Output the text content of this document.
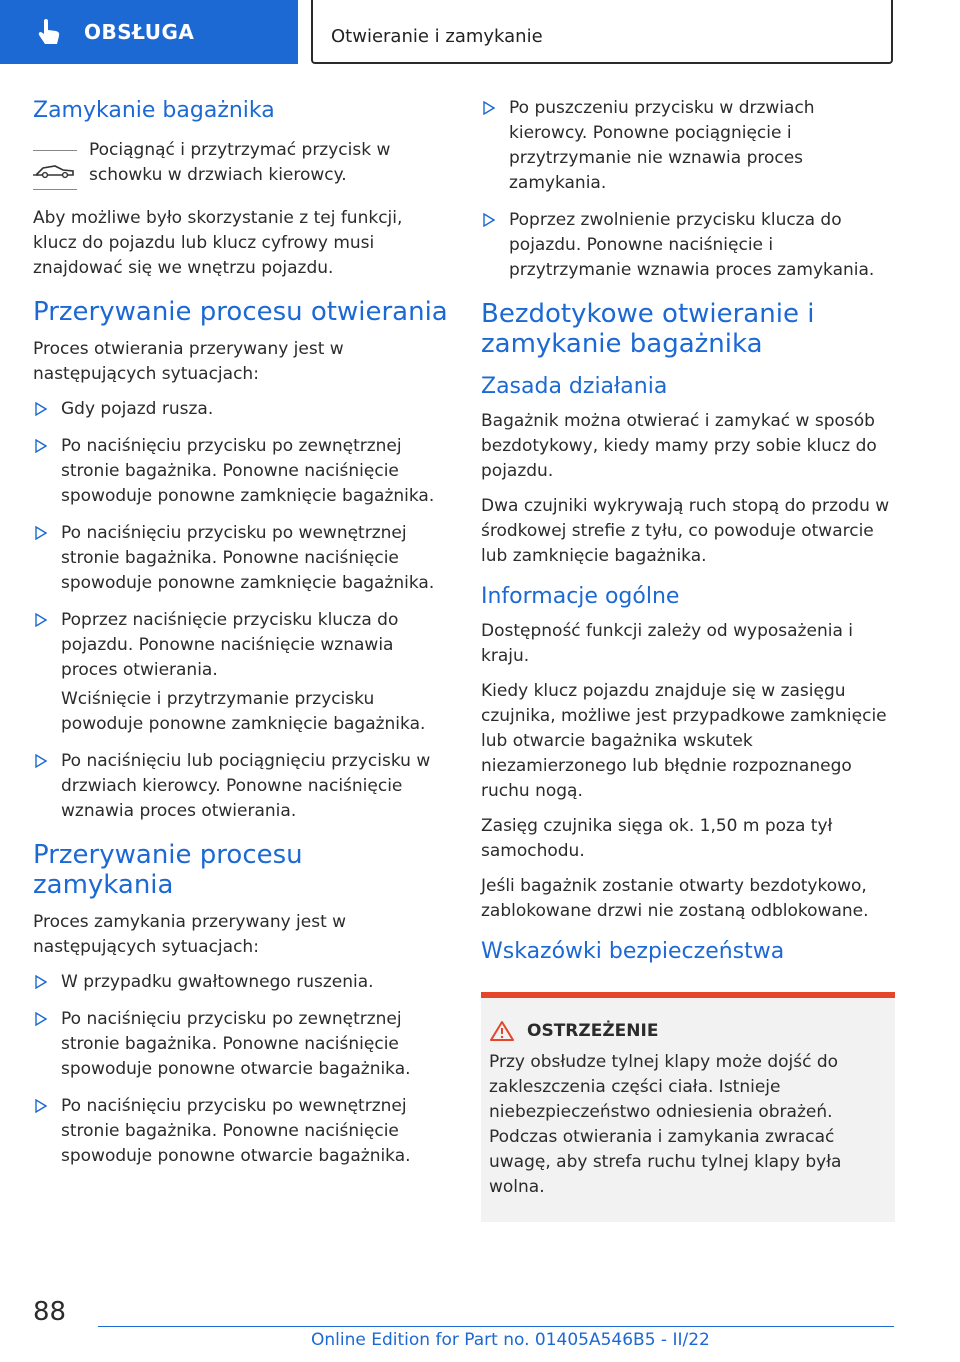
OBSŁUGA	Otwieranie i zamykanie
Zamykanie bagażnika

Pociągnąć i przytrzymać przycisk w schowku w drzwiach kierowcy.

Aby możliwe było skorzystanie z tej funkcji, klucz do pojazdu lub klucz cyfrowy musi znajdować się we wnętrzu pojazdu.

Przerywanie procesu otwierania

Proces otwierania przerywany jest w następujących sytuacjach:

Gdy pojazd rusza.
Po naciśnięciu przycisku po zewnętrznej stronie bagażnika. Ponowne naciśnięcie spowoduje ponowne zamknięcie bagażnika.
Po naciśnięciu przycisku po wewnętrznej stronie bagażnika. Ponowne naciśnięcie spowoduje ponowne zamknięcie bagażnika.
Poprzez naciśnięcie przycisku klucza do pojazdu. Ponowne naciśnięcie wznawia proces otwierania.

Wciśnięcie i przytrzymanie przycisku powoduje ponowne zamknięcie bagażnika.

Po naciśnięciu lub pociągnięciu przycisku w drzwiach kierowcy. Ponowne naciśnięcie wznawia proces otwierania.
Przerywanie procesu zamykania

Proces zamykania przerywany jest w następujących sytuacjach:

W przypadku gwałtownego ruszenia.
Po naciśnięciu przycisku po zewnętrznej stronie bagażnika. Ponowne naciśnięcie spowoduje ponowne otwarcie bagażnika.
Po naciśnięciu przycisku po wewnętrznej stronie bagażnika. Ponowne naciśnięcie spowoduje ponowne otwarcie bagażnika.
Po puszczeniu przycisku w drzwiach kierowcy. Ponowne pociągnięcie i przytrzymanie nie wznawia proces zamykania.
Poprzez zwolnienie przycisku klucza do pojazdu. Ponowne naciśnięcie i przytrzymanie wznawia proces zamykania.
Bezdotykowe otwieranie i zamykanie bagażnika
Zasada działania

Bagażnik można otwierać i zamykać w sposób bezdotykowy, kiedy mamy przy sobie klucz do pojazdu.

Dwa czujniki wykrywają ruch stopą do przodu w środkowej strefie z tyłu, co powoduje otwarcie lub zamknięcie bagażnika.

Informacje ogólne

Dostępność funkcji zależy od wyposażenia i kraju.

Kiedy klucz pojazdu znajduje się w zasięgu czujnika, możliwe jest przypadkowe zamknięcie lub otwarcie bagażnika wskutek niezamierzonego lub błędnie rozpoznanego ruchu nogą.

Zasięg czujnika sięga ok. 1,50 m poza tył samochodu.

Jeśli bagażnik zostanie otwarty bezdotykowo, zablokowane drzwi nie zostaną odblokowane.

Wskazówki bezpieczeństwa
OSTRZEŻENIE

Przy obsłudze tylnej klapy może dojść do zakleszczenia części ciała. Istnieje niebezpieczeństwo odniesienia obrażeń. Podczas otwierania i zamykania zwracać uwagę, aby strefa ruchu tylnej klapy była wolna.

88
Online Edition for Part no. 01405A546B5 - II/22
